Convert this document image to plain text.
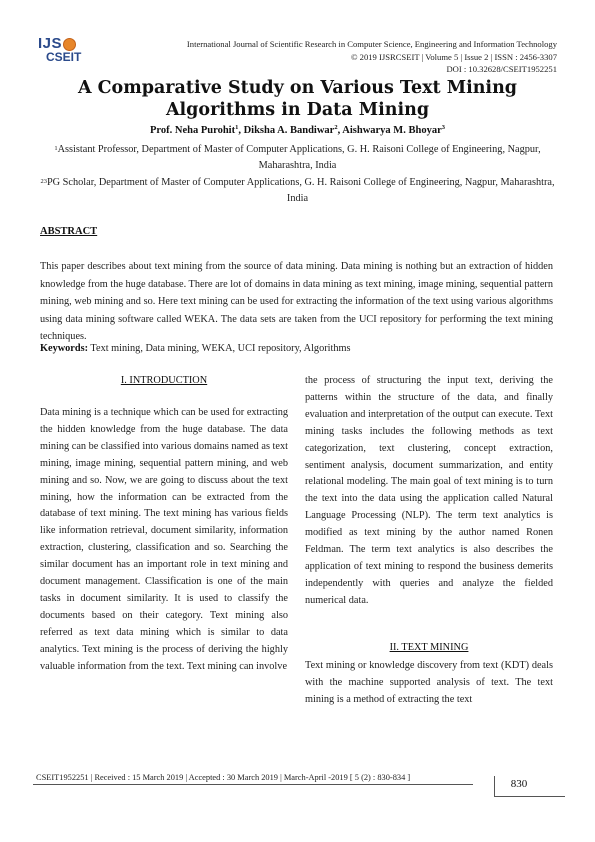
IJS
CSEIT
International Journal of Scientific Research in Computer Science, Engineering and Information Technology
© 2019 IJSRCSEIT | Volume 5 | Issue 2 | ISSN : 2456-3307
DOI : 10.32628/CSEIT1952251
A Comparative Study on Various Text Mining Algorithms in Data Mining
Prof. Neha Purohit$^1$, Diksha A. Bandiwar$^2$, Aishwarya M. Bhoyar$^3$
$^1$Assistant Professor, Department of Master of Computer Applications, G. H. Raisoni College of Engineering, Nagpur, Maharashtra, India
$^{23}$PG Scholar, Department of Master of Computer Applications, G. H. Raisoni College of Engineering, Nagpur, Maharashtra, India
ABSTRACT
This paper describes about text mining from the source of data mining. Data mining is nothing but an extraction of hidden knowledge from the huge database. There are lot of domains in data mining as text mining, image mining, sequential pattern mining, web mining and so. Here text mining can be used for extracting the information of the text using various algorithms using data mining software called WEKA. The data sets are taken from the UCI repository for performing the text mining techniques.
Keywords: Text mining, Data mining, WEKA, UCI repository, Algorithms
I. INTRODUCTION
Data mining is a technique which can be used for extracting the hidden knowledge from the huge database. The data mining can be classified into various domains named as text mining, image mining, sequential pattern mining, and web mining and so. Now, we are going to discuss about the text mining, how the information can be extracted from the database of text mining. The text mining has various fields like information retrieval, document similarity, information extraction, clustering, classification and so. Searching the similar document has an important role in text mining and document management. Classification is one of the main tasks in document similarity. It is used to classify the documents based on their category. Text mining also referred as text data mining which is similar to data analytics. Text mining is the process of deriving the highly valuable information from the text. Text mining can involve
the process of structuring the input text, deriving the patterns within the structure of the data, and finally evaluation and interpretation of the output can execute. Text mining tasks includes the following methods as text categorization, text clustering, concept extraction, sentiment analysis, document summarization, and entity relational modeling. The main goal of text mining is to turn the text into the data using the application called Natural Language Processing (NLP). The term text analytics is modified as text mining by the author named Ronen Feldman. The term text analytics is also describes the application of text mining to respond the business demerits independently with queries and analyze the fielded numerical data.
II. TEXT MINING
Text mining or knowledge discovery from text (KDT) deals with the machine supported analysis of text. The text mining is a method of extracting the text
CSEIT1952251 | Received : 15 March 2019 | Accepted : 30 March 2019 | March-April -2019 [ 5 (2) : 830-834 ]
830
